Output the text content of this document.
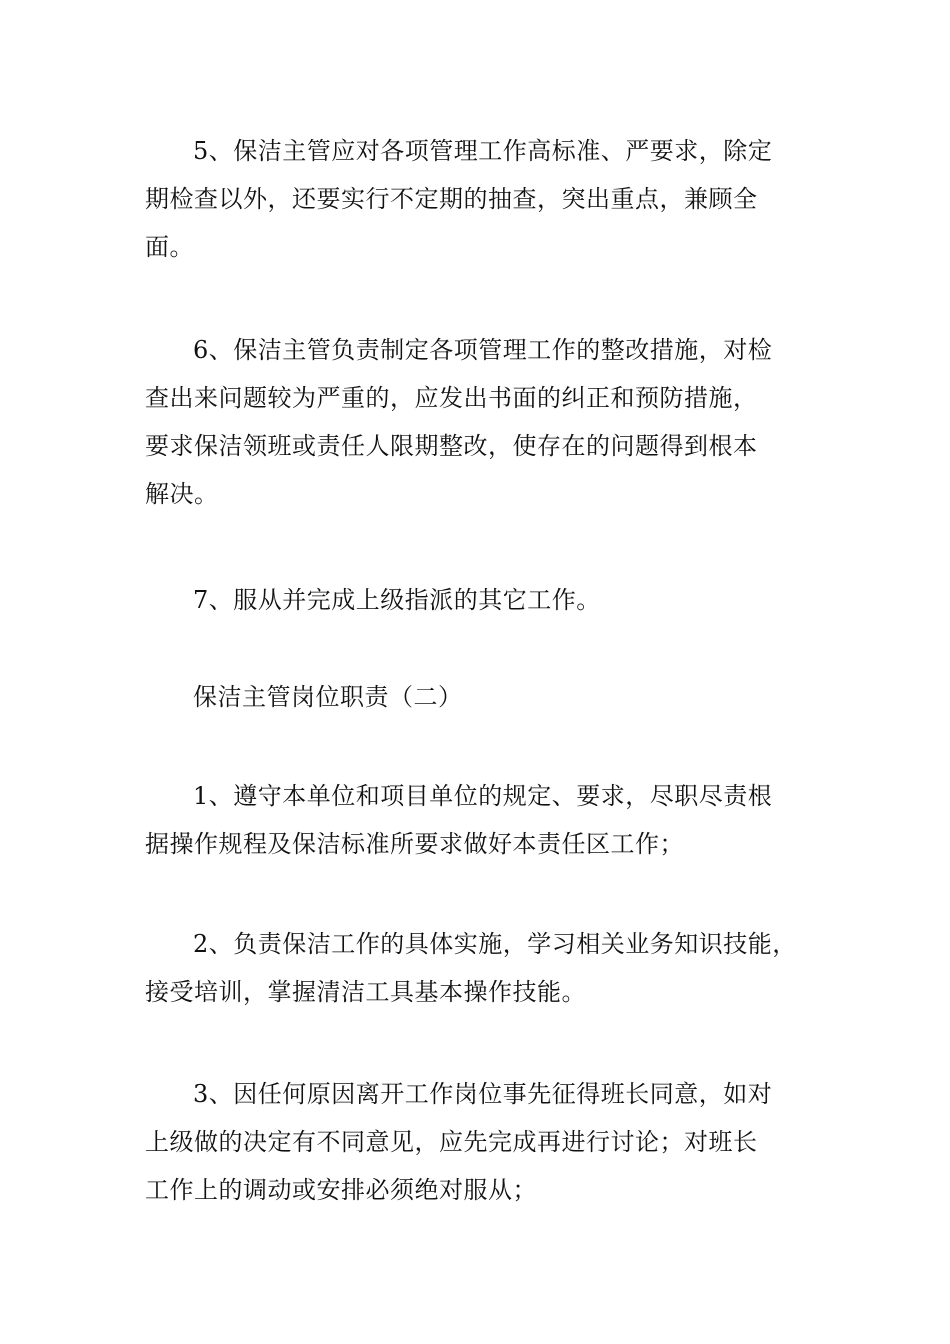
5、保洁主管应对各项管理工作高标准、严要求，除定
期检查以外，还要实行不定期的抽查，突出重点，兼顾全
面。
6、保洁主管负责制定各项管理工作的整改措施，对检
查出来问题较为严重的，应发出书面的纠正和预防措施，
要求保洁领班或责任人限期整改，使存在的问题得到根本
解决。
7、服从并完成上级指派的其它工作。
保洁主管岗位职责（二）
1、遵守本单位和项目单位的规定、要求，尽职尽责根
据操作规程及保洁标准所要求做好本责任区工作；
2、负责保洁工作的具体实施，学习相关业务知识技能，
接受培训，掌握清洁工具基本操作技能。
3、因任何原因离开工作岗位事先征得班长同意，如对
上级做的决定有不同意见，应先完成再进行讨论；对班长
工作上的调动或安排必须绝对服从；
